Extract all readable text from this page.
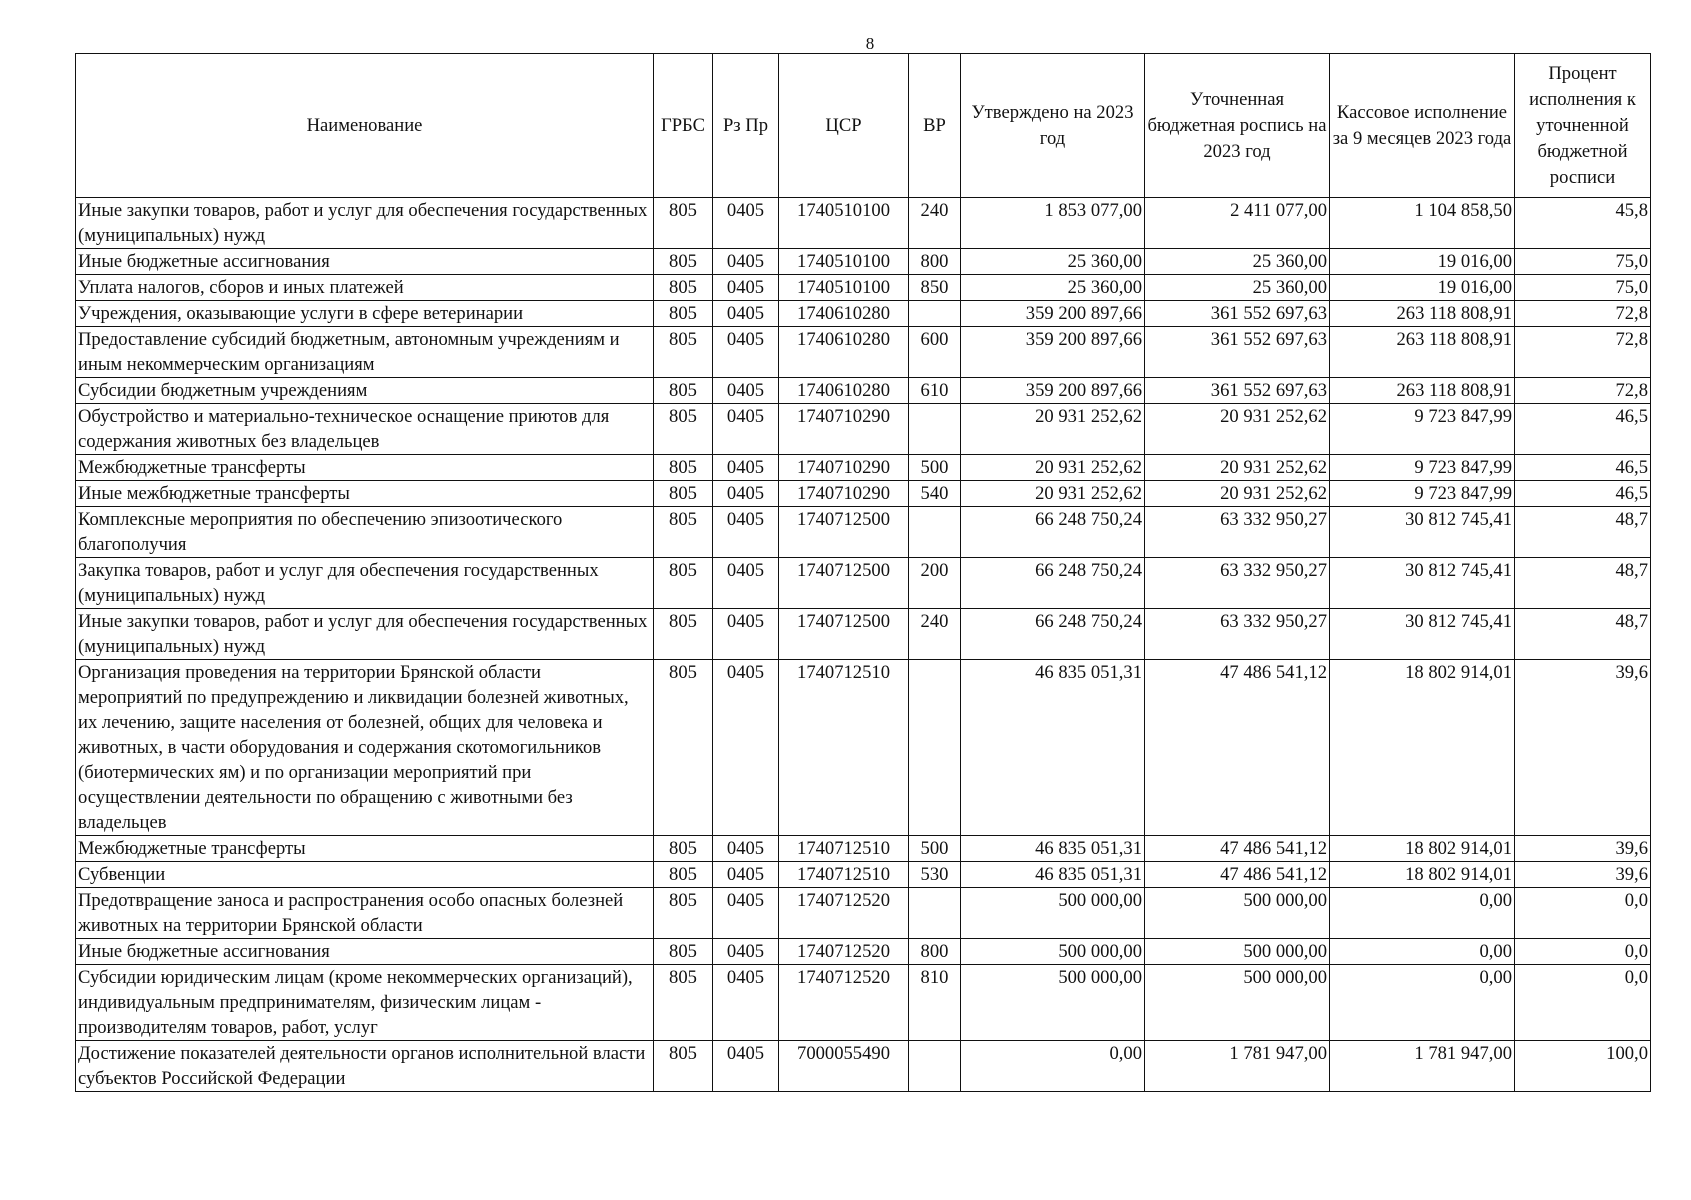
8
Наименование	ГРБС	Рз Пр	ЦСР	ВР	Утверждено на 2023 год	Уточненная бюджетная роспись на 2023 год	Кассовое исполнение за 9 месяцев 2023 года	Процент исполнения к уточненной бюджетной росписи
Иные закупки товаров, работ и услуг для обеспечения государственных (муниципальных) нужд	805	0405	1740510100	240	1 853 077,00	2 411 077,00	1 104 858,50	45,8
Иные бюджетные ассигнования	805	0405	1740510100	800	25 360,00	25 360,00	19 016,00	75,0
Уплата налогов, сборов и иных платежей	805	0405	1740510100	850	25 360,00	25 360,00	19 016,00	75,0
Учреждения, оказывающие услуги в сфере ветеринарии	805	0405	1740610280		359 200 897,66	361 552 697,63	263 118 808,91	72,8
Предоставление субсидий бюджетным, автономным учреждениям и иным некоммерческим организациям	805	0405	1740610280	600	359 200 897,66	361 552 697,63	263 118 808,91	72,8
Субсидии бюджетным учреждениям	805	0405	1740610280	610	359 200 897,66	361 552 697,63	263 118 808,91	72,8
Обустройство и материально-техническое оснащение приютов для содержания животных без владельцев	805	0405	1740710290		20 931 252,62	20 931 252,62	9 723 847,99	46,5
Межбюджетные трансферты	805	0405	1740710290	500	20 931 252,62	20 931 252,62	9 723 847,99	46,5
Иные межбюджетные трансферты	805	0405	1740710290	540	20 931 252,62	20 931 252,62	9 723 847,99	46,5
Комплексные мероприятия по обеспечению эпизоотического благополучия	805	0405	1740712500		66 248 750,24	63 332 950,27	30 812 745,41	48,7
Закупка товаров, работ и услуг для обеспечения государственных (муниципальных) нужд	805	0405	1740712500	200	66 248 750,24	63 332 950,27	30 812 745,41	48,7
Иные закупки товаров, работ и услуг для обеспечения государственных (муниципальных) нужд	805	0405	1740712500	240	66 248 750,24	63 332 950,27	30 812 745,41	48,7
Организация проведения на территории Брянской области мероприятий по предупреждению и ликвидации болезней животных, их лечению, защите населения от болезней, общих для человека и животных, в части оборудования и содержания скотомогильников (биотермических ям) и по организации мероприятий при осуществлении деятельности по обращению с животными без владельцев	805	0405	1740712510		46 835 051,31	47 486 541,12	18 802 914,01	39,6
Межбюджетные трансферты	805	0405	1740712510	500	46 835 051,31	47 486 541,12	18 802 914,01	39,6
Субвенции	805	0405	1740712510	530	46 835 051,31	47 486 541,12	18 802 914,01	39,6
Предотвращение заноса и распространения особо опасных болезней животных на территории Брянской области	805	0405	1740712520		500 000,00	500 000,00	0,00	0,0
Иные бюджетные ассигнования	805	0405	1740712520	800	500 000,00	500 000,00	0,00	0,0
Субсидии юридическим лицам (кроме некоммерческих организаций), индивидуальным предпринимателям, физическим лицам - производителям товаров, работ, услуг	805	0405	1740712520	810	500 000,00	500 000,00	0,00	0,0
Достижение показателей деятельности органов исполнительной власти субъектов Российской Федерации	805	0405	7000055490		0,00	1 781 947,00	1 781 947,00	100,0
